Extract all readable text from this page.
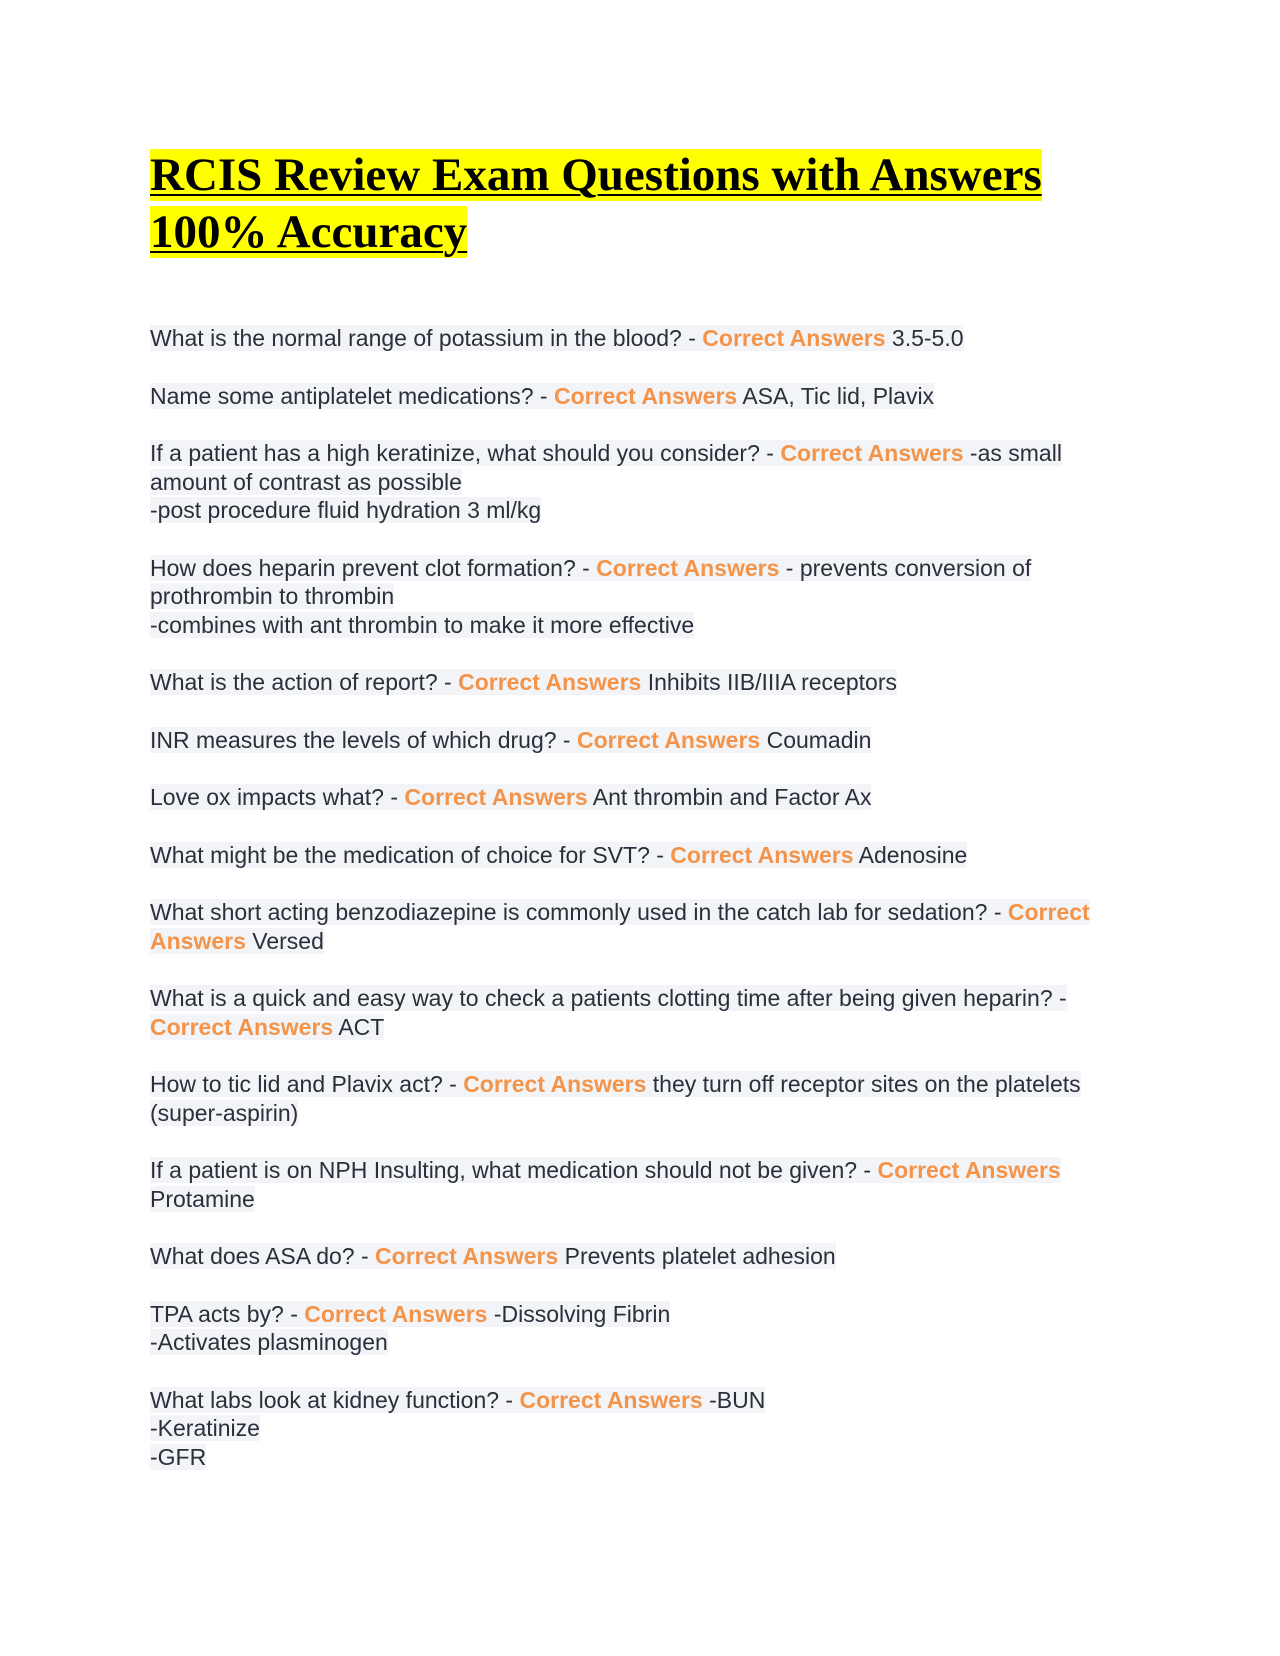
RCIS Review Exam Questions with Answers
100% Accuracy

What is the normal range of potassium in the blood? - Correct Answers 3.5-5.0

Name some antiplatelet medications? - Correct Answers ASA, Tic lid, Plavix

If a patient has a high keratinize, what should you consider? - Correct Answers -as small amount of contrast as possible
-post procedure fluid hydration 3 ml/kg

How does heparin prevent clot formation? - Correct Answers - prevents conversion of prothrombin to thrombin
-combines with ant thrombin to make it more effective

What is the action of report? - Correct Answers Inhibits IIB/IIIA receptors

INR measures the levels of which drug? - Correct Answers Coumadin

Love ox impacts what? - Correct Answers Ant thrombin and Factor Ax

What might be the medication of choice for SVT? - Correct Answers Adenosine

What short acting benzodiazepine is commonly used in the catch lab for sedation? - Correct Answers Versed

What is a quick and easy way to check a patients clotting time after being given heparin? - Correct Answers ACT

How to tic lid and Plavix act? - Correct Answers they turn off receptor sites on the platelets (super-aspirin)

If a patient is on NPH Insulting, what medication should not be given? - Correct Answers Protamine

What does ASA do? - Correct Answers Prevents platelet adhesion

TPA acts by? - Correct Answers -Dissolving Fibrin
-Activates plasminogen

What labs look at kidney function? - Correct Answers -BUN
-Keratinize
-GFR
